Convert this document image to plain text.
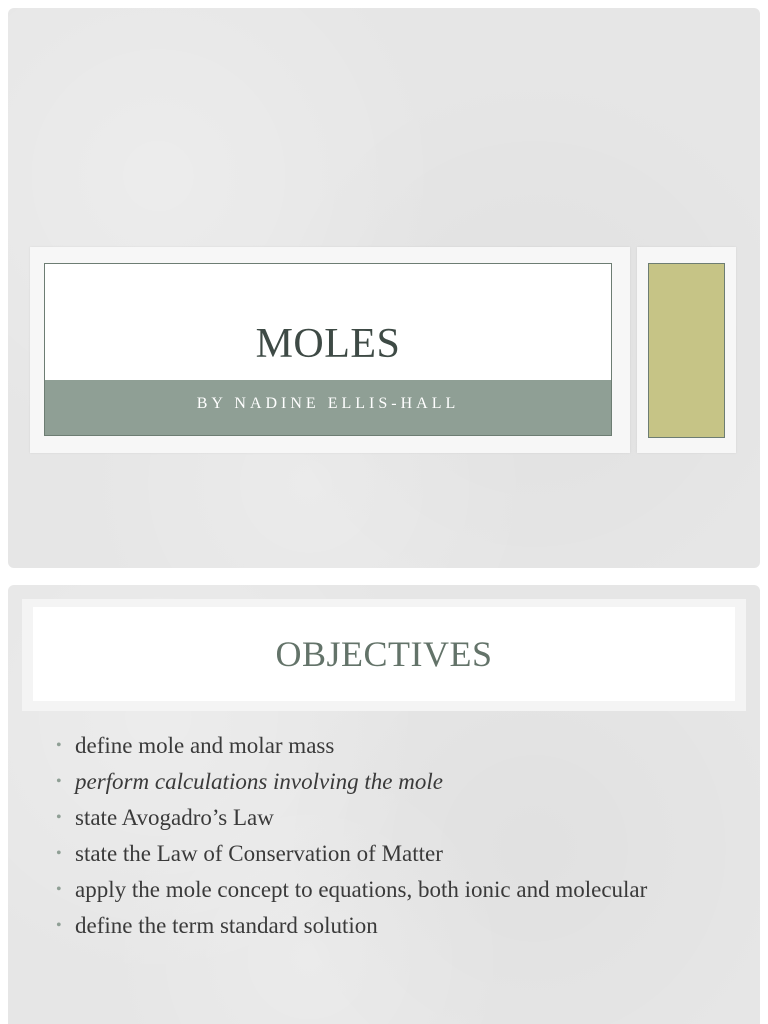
MOLES
BY NADINE ELLIS-HALL
OBJECTIVES
• define mole and molar mass
• perform calculations involving the mole
• state Avogadro’s Law
• state the Law of Conservation of Matter
• apply the mole concept to equations, both ionic and molecular
• define the term standard solution
